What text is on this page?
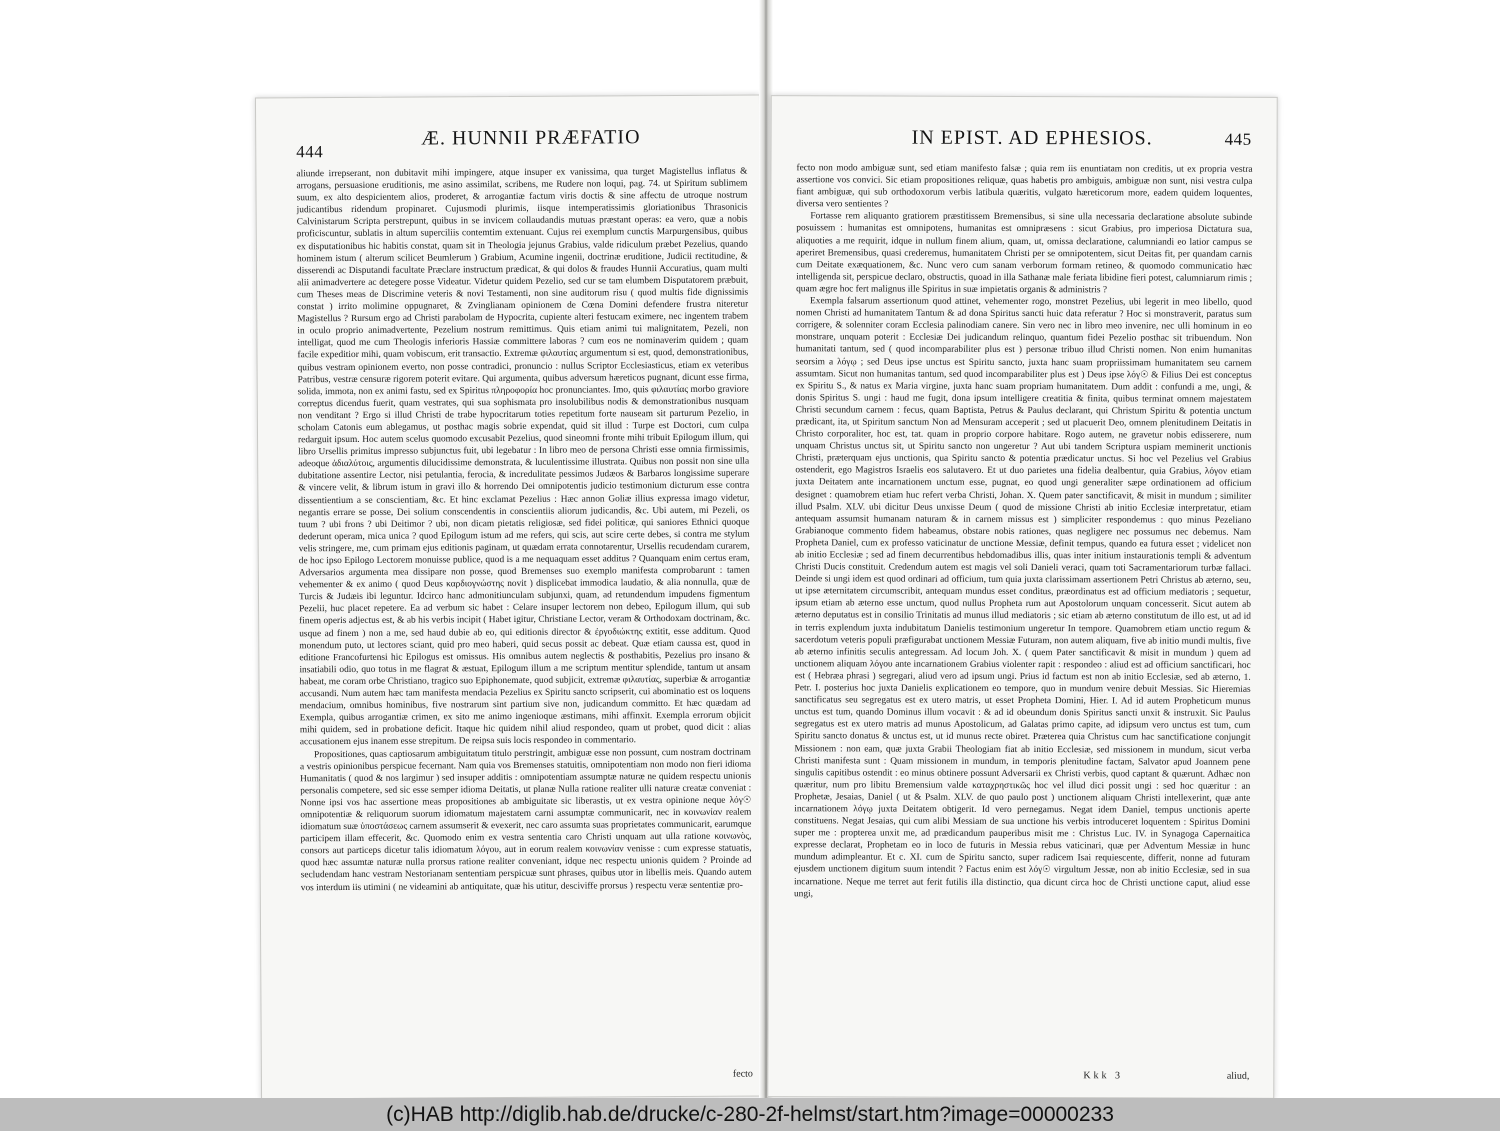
444
Æ. HUNNII PRÆFATIO

aliunde irrepserant, non dubitavit mihi impingere, atque insuper ex vanissima, qua turget Magistellus inflatus & arrogans, persuasione eruditionis, me asino assimilat, scribens, me Rudere non loqui, pag. 74. ut Spiritum sublimem suum, ex alto despicientem alios, proderet, & arrogantiæ factum viris doctis & sine affectu de utroque nostrum judicantibus ridendum propinaret. Cujusmodi plurimis, iisque intemperatissimis gloriationibus Thrasonicis Calvinistarum Scripta perstrepunt, quibus in se invicem collaudandis mutuas præstant operas: ea vero, quæ a nobis proficiscuntur, sublatis in altum superciliis contemtim extenuant. Cujus rei exemplum cunctis Marpurgensibus, quibus ex disputationibus hic habitis constat, quam sit in Theologia jejunus Grabius, valde ridiculum præbet Pezelius, quando hominem istum ( alterum scilicet Beumlerum ) Grabium, Acumine ingenii, doctrinæ eruditione, Judicii rectitudine, & disserendi ac Disputandi facultate Præclare instructum prædicat, & qui dolos & fraudes Hunnii Accuratius, quam multi alii animadvertere ac detegere posse Videatur. Videtur quidem Pezelio, sed cur se tam elumbem Disputatorem præbuit, cum Theses meas de Discrimine veteris & novi Testamenti, non sine auditorum risu ( quod multis fide dignissimis constat ) irrito molimine oppugnaret, & Zvinglianam opinionem de Cœna Domini defendere frustra niteretur Magistellus ? Rursum ergo ad Christi parabolam de Hypocrita, cupiente alteri festucam eximere, nec ingentem trabem in oculo proprio animadvertente, Pezelium nostrum remittimus. Quis etiam animi tui malignitatem, Pezeli, non intelligat, quod me cum Theologis inferioris Hassiæ committere laboras ? cum eos ne nominaverim quidem ; quam facile expeditior mihi, quam vobiscum, erit transactio. Extremæ φιλαυτίας argumentum si est, quod, demonstrationibus, quibus vestram opinionem everto, non posse contradici, pronuncio : nullus Scriptor Ecclesiasticus, etiam ex veteribus Patribus, vestræ censuræ rigorem poterit evitare. Qui argumenta, quibus adversum hæreticos pugnant, dicunt esse firma, solida, immota, non ex animi fastu, sed ex Spiritus πληροφορία hoc pronunciantes. Imo, quis φιλαυτίας morbo graviore correptus dicendus fuerit, quam vestrates, qui sua sophismata pro insolubilibus nodis & demonstrationibus nusquam non venditant ? Ergo si illud Christi de trabe hypocritarum toties repetitum forte nauseam sit parturum Pezelio, in scholam Catonis eum ablegamus, ut posthac magis sobrie expendat, quid sit illud : Turpe est Doctori, cum culpa redarguit ipsum. Hoc autem scelus quomodo excusabit Pezelius, quod sineomni fronte mihi tribuit Epilogum illum, qui libro Ursellis primitus impresso subjunctus fuit, ubi legebatur : In libro meo de persona Christi esse omnia firmissimis, adeoque ἀδιαλύτοις, argumentis dilucidissime demonstrata, & luculentissime illustrata. Quibus non possit non sine ulla dubitatione assentire Lector, nisi petulantia, ferocia, & incredulitate pessimos Judæos & Barbaros longissime superare & vincere velit, & librum istum in gravi illo & horrendo Dei omnipotentis judicio testimonium dicturum esse contra dissentientium a se conscientiam, &c. Et hinc exclamat Pezelius : Hæc annon Goliæ illius expressa imago videtur, negantis errare se posse, Dei solium conscendentis in conscientiis aliorum judicandis, &c. Ubi autem, mi Pezeli, os tuum ? ubi frons ? ubi Deitimor ? ubi, non dicam pietatis religiosæ, sed fidei politicæ, qui saniores Ethnici quoque dederunt operam, mica unica ? quod Epilogum istum ad me refers, qui scis, aut scire certe debes, si contra me stylum velis stringere, me, cum primam ejus editionis paginam, ut quædam errata connotarentur, Ursellis recudendam curarem, de hoc ipso Epilogo Lectorem monuisse publice, quod is a me nequaquam esset additus ? Quanquam enim certus eram, Adversarios argumenta mea dissipare non posse, quod Bremenses suo exemplo manifesta comprobarunt : tamen vehementer & ex animo ( quod Deus καρδιογνώστης novit ) displicebat immodica laudatio, & alia nonnulla, quæ de Turcis & Judæis ibi leguntur. Idcirco hanc admonitiunculam subjunxi, quam, ad retundendum impudens figmentum Pezelii, huc placet repetere. Ea ad verbum sic habet : Celare insuper lectorem non debeo, Epilogum illum, qui sub finem operis adjectus est, & ab his verbis incipit ( Habet igitur, Christiane Lector, veram & Orthodoxam doctrinam, &c. usque ad finem ) non a me, sed haud dubie ab eo, qui editionis director & ἐργοδιώκτης extitit, esse additum. Quod monendum puto, ut lectores sciant, quid pro meo haberi, quid secus possit ac debeat. Quæ etiam caussa est, quod in editione Francofurtensi hic Epilogus est omissus. His omnibus autem neglectis & posthabitis, Pezelius pro insano & insatiabili odio, quo totus in me flagrat & æstuat, Epilogum illum a me scriptum mentitur splendide, tantum ut ansam habeat, me coram orbe Christiano, tragico suo Epiphonemate, quod subjicit, extremæ φιλαυτίας, superbiæ & arrogantiæ accusandi. Num autem hæc tam manifesta mendacia Pezelius ex Spiritu sancto scripserit, cui abominatio est os loquens mendacium, omnibus hominibus, five nostrarum sint partium sive non, judicandum committo. Et hæc quædam ad Exempla, quibus arrogantiæ crimen, ex sito me animo ingenioque æstimans, mihi affinxit. Exempla errorum objicit mihi quidem, sed in probatione deficit. Itaque hic quidem nihil aliud respondeo, quam ut probet, quod dicit : alias accusationem ejus inanem esse strepitum. De reipsa suis locis respondeo in commentario.

Propositiones, quas captiosarum ambiguitatum titulo perstringit, ambiguæ esse non possunt, cum nostram doctrinam a vestris opinionibus perspicue fecernant. Nam quia vos Bremenses statuitis, omnipotentiam non modo non fieri idioma Humanitatis ( quod & nos largimur ) sed insuper additis : omnipotentiam assumptæ naturæ ne quidem respectu unionis personalis competere, sed sic esse semper idioma Deitatis, ut planæ Nulla ratione realiter ulli naturæ creatæ conveniat : Nonne ipsi vos hac assertione meas propositiones ab ambiguitate sic liberastis, ut ex vestra opinione neque λόγ☉ omnipotentiæ & reliquorum suorum idiomatum majestatem carni assumptæ communicarit, nec in κοινωνίαν realem idiomatum suæ ὑποστάσεως carnem assumserit & evexerit, nec caro assumta suas proprietates communicarit, earumque participem illam effecerit, &c. Quomodo enim ex vestra sententia caro Christi unquam aut ulla ratione κοινωνὸς, consors aut particeps dicetur talis idiomatum λόγου, aut in eorum realem κοινωνίαν venisse : cum expresse statuatis, quod hæc assumtæ naturæ nulla prorsus ratione realiter conveniant, idque nec respectu unionis quidem ? Proinde ad secludendam hanc vestram Nestorianam sententiam perspicuæ sunt phrases, quibus utor in libellis meis. Quando autem vos interdum iis utimini ( ne videamini ab antiquitate, quæ his utitur, desciviffe prorsus ) respectu veræ sententiæ pro-

fecto
IN EPIST. AD EPHESIOS.	445

fecto non modo ambiguæ sunt, sed etiam manifesto falsæ ; quia rem iis enuntiatam non creditis, ut ex propria vestra assertione vos convici. Sic etiam propositiones reliquæ, quas habetis pro ambiguis, ambiguæ non sunt, nisi vestra culpa fiant ambiguæ, qui sub orthodoxorum verbis latibula quæritis, vulgato hæreticorum more, eadem quidem loquentes, diversa vero sentientes ?

Fortasse rem aliquanto gratiorem præstitissem Bremensibus, si sine ulla necessaria declaratione absolute subinde posuissem : humanitas est omnipotens, humanitas est omnipræsens : sicut Grabius, pro imperiosa Dictatura sua, aliquoties a me requirit, idque in nullum finem alium, quam, ut, omissa declaratione, calumniandi eo latior campus se aperiret Bremensibus, quasi crederemus, humanitatem Christi per se omnipotentem, sicut Deitas fit, per quandam carnis cum Deitate exæquationem, &c. Nunc vero cum sanam verborum formam retineo, & quomodo communicatio hæc intelligenda sit, perspicue declaro, obstructis, quoad in illa Sathanæ male feriata libidine fieri potest, calumniarum rimis ; quam ægre hoc fert malignus ille Spiritus in suæ impietatis organis & administris ?

Exempla falsarum assertionum quod attinet, vehementer rogo, monstret Pezelius, ubi legerit in meo libello, quod nomen Christi ad humanitatem Tantum & ad dona Spiritus sancti huic data referatur ? Hoc si monstraverit, paratus sum corrigere, & solenniter coram Ecclesia palinodiam canere. Sin vero nec in libro meo invenire, nec ulli hominum in eo monstrare, unquam poterit : Ecclesiæ Dei judicandum relinquo, quantum fidei Pezelio posthac sit tribuendum. Non humanitati tantum, sed ( quod incomparabiliter plus est ) personæ tribuo illud Christi nomen. Non enim humanitas seorsim a λόγῳ ; sed Deus ipse unctus est Spiritu sancto, juxta hanc suam propriissimam humanitatem seu carnem assumtam. Sicut non humanitas tantum, sed quod incomparabiliter plus est ) Deus ipse λόγ☉ & Filius Dei est conceptus ex Spiritu S., & natus ex Maria virgine, juxta hanc suam propriam humanitatem. Dum addit : confundi a me, ungi, & donis Spiritus S. ungi : haud me fugit, dona ipsum intelligere creatitia & finita, quibus terminat omnem majestatem Christi secundum carnem : fecus, quam Baptista, Petrus & Paulus declarant, qui Christum Spiritu & potentia unctum prædicant, ita, ut Spiritum sanctum Non ad Mensuram acceperit ; sed ut placuerit Deo, omnem plenitudinem Deitatis in Christo corporaliter, hoc est, tat. quam in proprio corpore habitare. Rogo autem, ne gravetur nobis edisserere, num unquam Christus unctus sit, ut Spiritu sancto non ungeretur ? Aut ubi tandem Scriptura uspiam meminerit unctionis Christi, præterquam ejus unctionis, qua Spiritu sancto & potentia prædicatur unctus. Si hoc vel Pezelius vel Grabius ostenderit, ego Magistros Israelis eos salutavero. Et ut duo parietes una fidelia dealbentur, quia Grabius, λόγον etiam juxta Deitatem ante incarnationem unctum esse, pugnat, eo quod ungi generaliter sæpe ordinationem ad officium designet : quamobrem etiam huc refert verba Christi, Johan. X. Quem pater sanctificavit, & misit in mundum ; similiter illud Psalm. XLV. ubi dicitur Deus unxisse Deum ( quod de missione Christi ab initio Ecclesiæ interpretatur, etiam antequam assumsit humanam naturam & in carnem missus est ) simpliciter respondemus : quo minus Pezeliano Grabianoque commento fidem habeamus, obstare nobis rationes, quas negligere nec possumus nec debemus. Nam Propheta Daniel, cum ex professo vaticinatur de unctione Messiæ, definit tempus, quando ea futura esset ; videlicet non ab initio Ecclesiæ ; sed ad finem decurrentibus hebdomadibus illis, quas inter initium instaurationis templi & adventum Christi Ducis constituit. Credendum autem est magis vel soli Danieli veraci, quam toti Sacramentariorum turbæ fallaci. Deinde si ungi idem est quod ordinari ad officium, tum quia juxta clarissimam assertionem Petri Christus ab æterno, seu, ut ipse æternitatem circumscribit, antequam mundus esset conditus, præordinatus est ad officium mediatoris ; sequetur, ipsum etiam ab æterno esse unctum, quod nullus Propheta rum aut Apostolorum unquam concesserit. Sicut autem ab æterno deputatus est in consilio Trinitatis ad munus illud mediatoris ; sic etiam ab æterno constitutum de illo est, ut ad id in terris explendum juxta indubitatum Danielis testimonium ungeretur In tempore. Quamobrem etiam unctio regum & sacerdotum veteris populi præfigurabat unctionem Messiæ Futuram, non autem aliquam, five ab initio mundi multis, five ab æterno infinitis seculis antegressam. Ad locum Joh. X. ( quem Pater sanctificavit & misit in mundum ) quem ad unctionem aliquam λόγου ante incarnationem Grabius violenter rapit : respondeo : aliud est ad officium sanctificari, hoc est ( Hebræa phrasi ) segregari, aliud vero ad ipsum ungi. Prius id factum est non ab initio Ecclesiæ, sed ab æterno, 1. Petr. I. posterius hoc juxta Danielis explicationem eo tempore, quo in mundum venire debuit Messias. Sic Hieremias sanctificatus seu segregatus est ex utero matris, ut esset Propheta Domini, Hier. I. Ad id autem Propheticum munus unctus est tum, quando Dominus illum vocavit : & ad id obeundum donis Spiritus sancti unxit & instruxit. Sic Paulus segregatus est ex utero matris ad munus Apostolicum, ad Galatas primo capite, ad idipsum vero unctus est tum, cum Spiritu sancto donatus & unctus est, ut id munus recte obiret. Præterea quia Christus cum hac sanctificatione conjungit Missionem : non eam, quæ juxta Grabii Theologiam fiat ab initio Ecclesiæ, sed missionem in mundum, sicut verba Christi manifesta sunt : Quam missionem in mundum, in temporis plenitudine factam, Salvator apud Joannem pene singulis capitibus ostendit : eo minus obtinere possunt Adversarii ex Christi verbis, quod captant & quærunt. Adhæc non quæritur, num pro libitu Bremensium valde καταχρηστικῶς hoc vel illud dici possit ungi : sed hoc quæritur : an Prophetæ, Jesaias, Daniel ( ut & Psalm. XLV. de quo paulo post ) unctionem aliquam Christi intellexerint, quæ ante incarnationem λόγῳ juxta Deitatem obtigerit. Id vero pernegamus. Negat idem Daniel, tempus unctionis aperte constituens. Negat Jesaias, qui cum alibi Messiam de sua unctione his verbis introduceret loquentem : Spiritus Domini super me : propterea unxit me, ad prædicandum pauperibus misit me : Christus Luc. IV. in Synagoga Capernaitica expresse declarat, Prophetam eo in loco de futuris in Messia rebus vaticinari, quæ per Adventum Messiæ in hunc mundum adimpleantur. Et c. XI. cum de Spiritu sancto, super radicem Isai requiescente, differit, nonne ad futuram ejusdem unctionem digitum suum intendit ? Factus enim est λόγ☉ virgultum Jessæ, non ab initio Ecclesiæ, sed in sua incarnatione. Neque me terret aut ferit futilis illa distinctio, qua dicunt circa hoc de Christi unctione caput, aliud esse ungi,

Kkk 3	aliud,
(c)HAB http://diglib.hab.de/drucke/c-280-2f-helmst/start.htm?image=00000233
